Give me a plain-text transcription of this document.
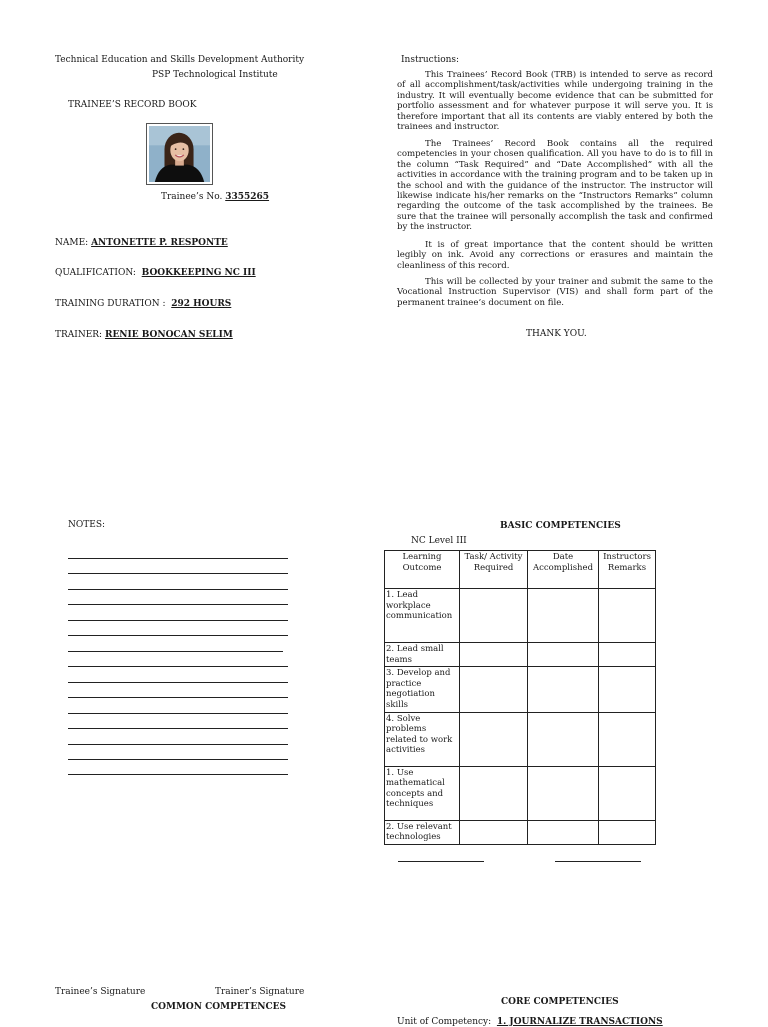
Technical Education and Skills Development Authority
PSP Technological Institute
TRAINEE’S RECORD BOOK
Trainee’s No. 3355265
NAME: ANTONETTE P. RESPONTE
QUALIFICATION: BOOKKEEPING NC III
TRAINING DURATION : 292 HOURS
TRAINER: RENIE BONOCAN SELIM
Instructions:
This Trainees’ Record Book (TRB) is intended to serve as record of all accomplishment/task/activities while undergoing training in the industry. It will eventually become evidence that can be submitted for portfolio assessment and for whatever purpose it will serve you. It is therefore important that all its contents are viably entered by both the trainees and instructor.
The Trainees’ Record Book contains all the required competencies in your chosen qualification. All you have to do is to fill in the column “Task Required” and “Date Accomplished” with all the activities in accordance with the training program and to be taken up in the school and with the guidance of the instructor. The instructor will likewise indicate his/her remarks on the “Instructors Remarks” column regarding the outcome of the task accomplished by the trainees. Be sure that the trainee will personally accomplish the task and confirmed by the instructor.
It is of great importance that the content should be written legibly on ink. Avoid any corrections or erasures and maintain the cleanliness of this record.
This will be collected by your trainer and submit the same to the Vocational Instruction Supervisor (VIS) and shall form part of the permanent trainee’s document on file.
THANK YOU.
NOTES:
Trainee’s Signature	Trainer’s Signature
COMMON COMPETENCES
BASIC COMPETENCIES
NC Level III
Learning Outcome	Task/ Activity Required	Date Accomplished	Instructors Remarks
1. Lead workplace communication			
2. Lead small teams			
3. Develop and practice negotiation skills			
4. Solve problems related to work activities			
1. Use mathematical concepts and techniques			
2. Use relevant technologies			
CORE COMPETENCIES
Unit of Competency: 1. JOURNALIZE TRANSACTIONS
